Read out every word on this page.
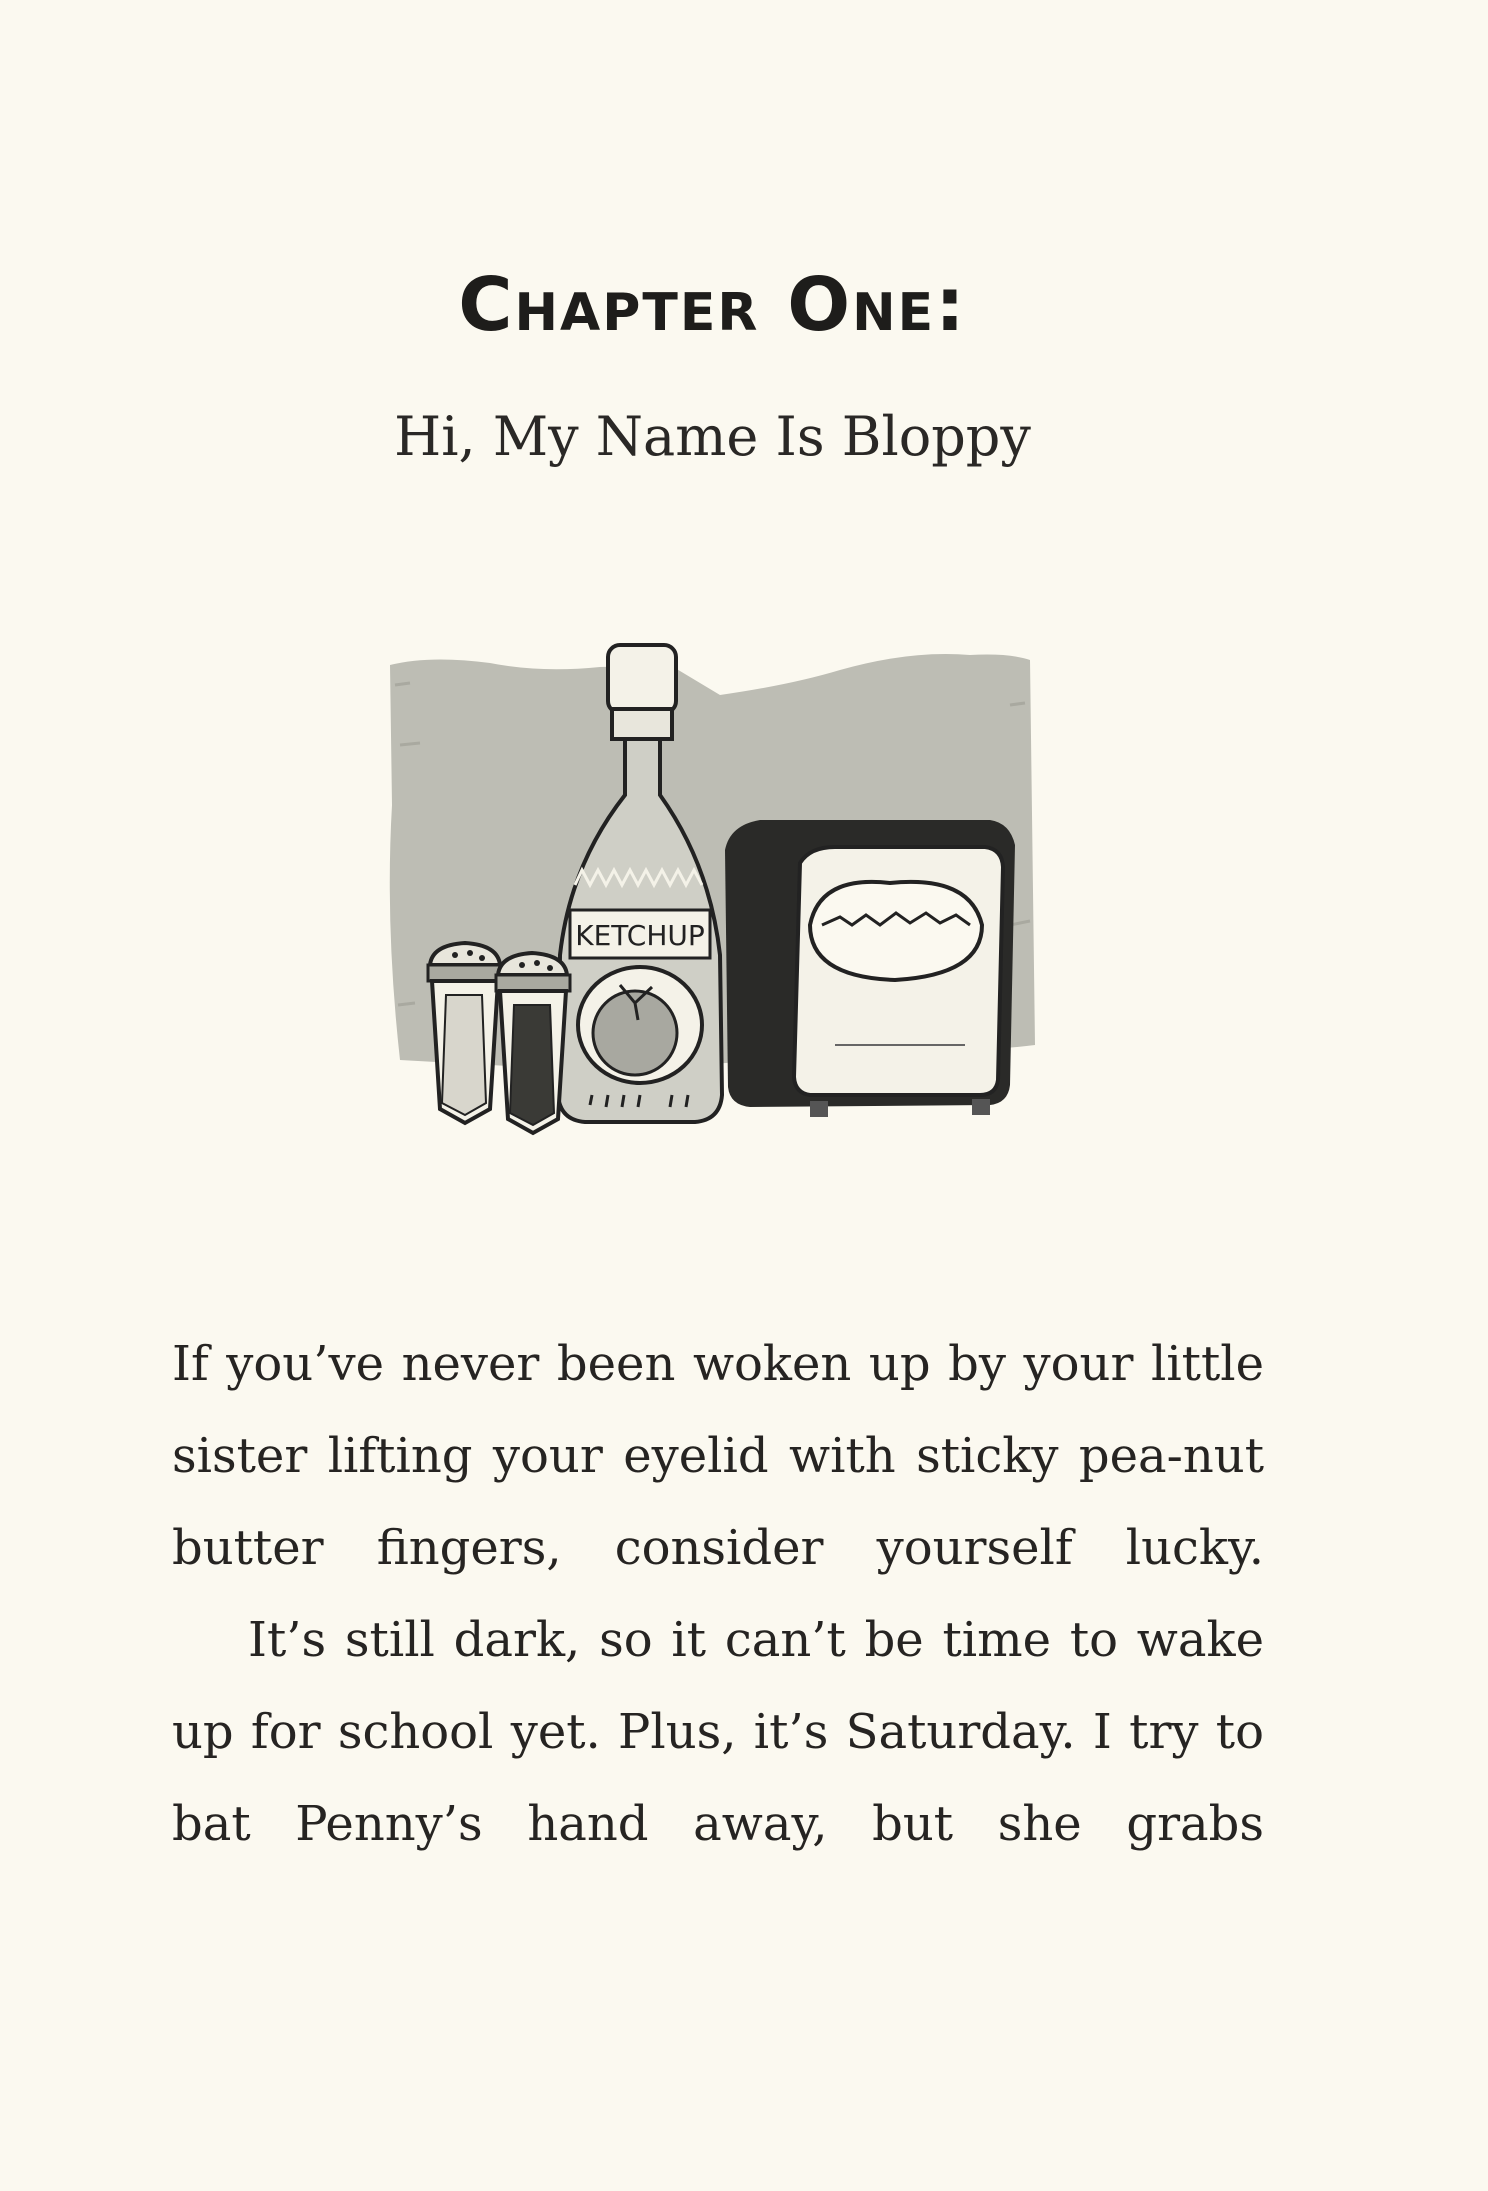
Chapter One:
Hi, My Name Is Bloppy
KETCHUP

If you’ve never been woken up by your little sister lifting your eyelid with sticky pea-nut butter fingers, consider yourself lucky.

It’s still dark, so it can’t be time to wake up for school yet. Plus, it’s Saturday. I try to bat Penny’s hand away, but she grabs
